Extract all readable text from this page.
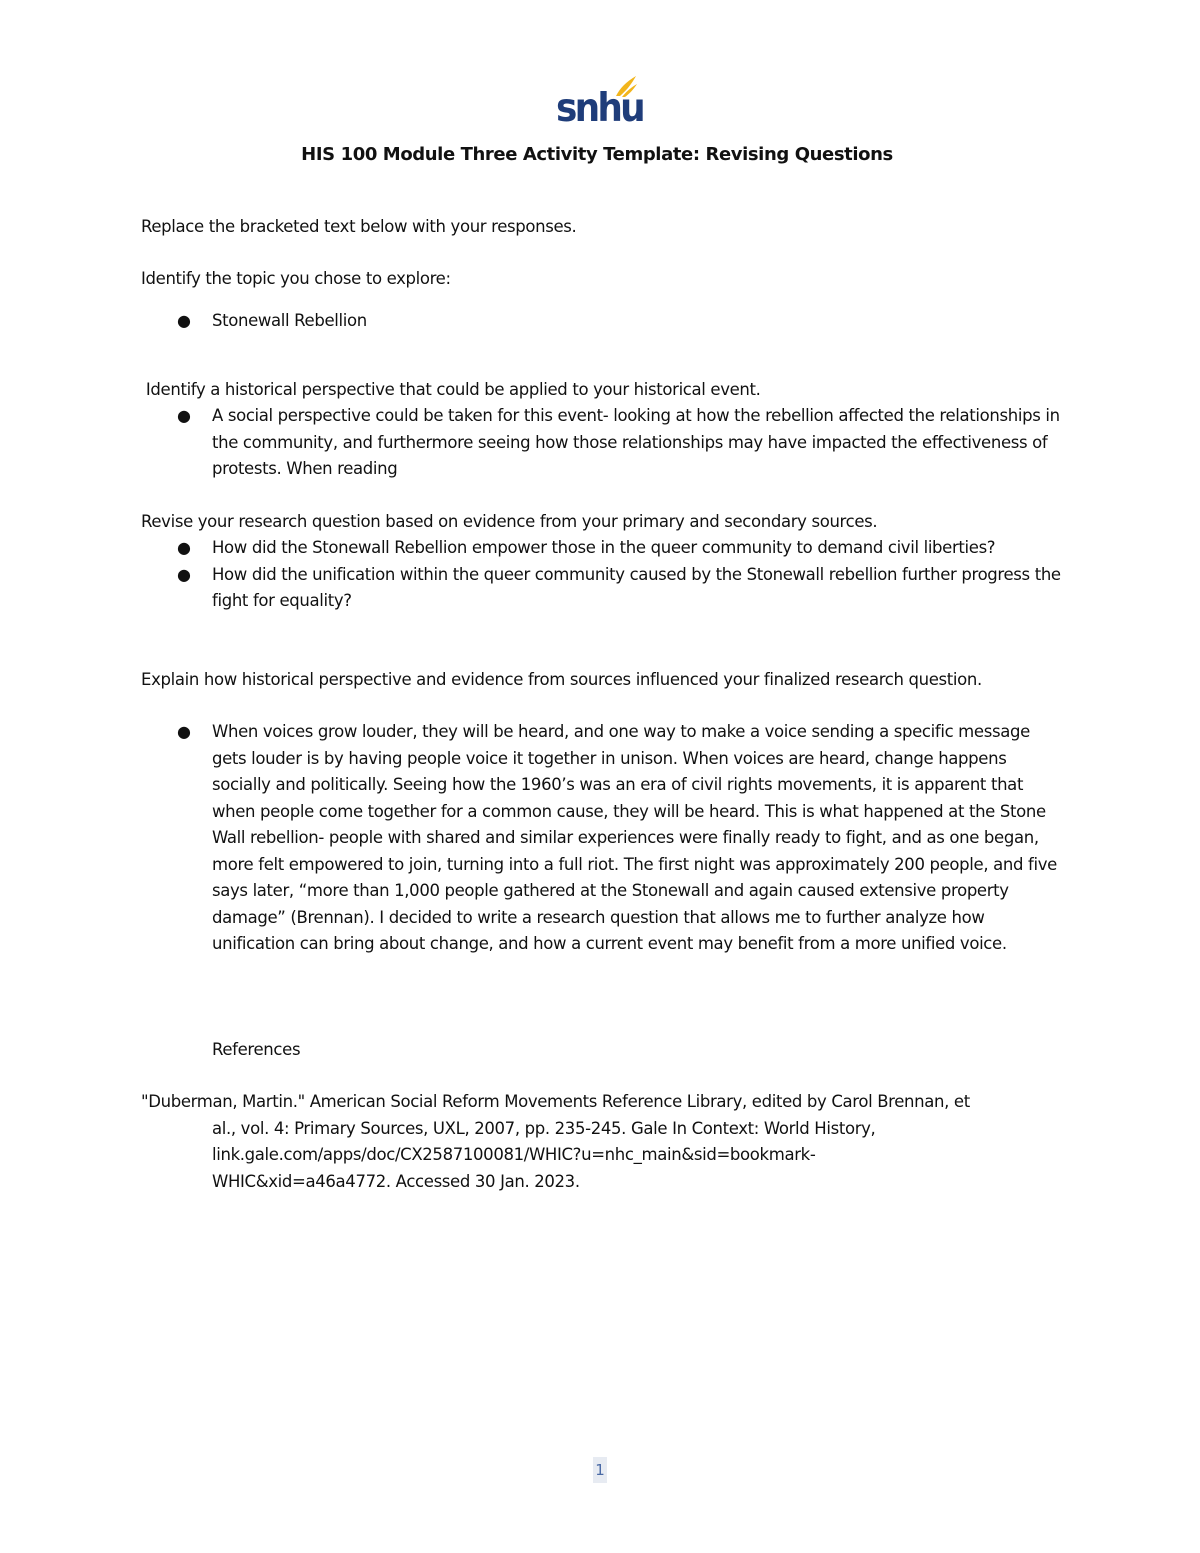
snhu
HIS 100 Module Three Activity Template: Revising Questions
Replace the bracketed text below with your responses.
Identify the topic you chose to explore:
● Stonewall Rebellion
Identify a historical perspective that could be applied to your historical event.
● A social perspective could be taken for this event- looking at how the rebellion affected the relationships in the community, and furthermore seeing how those relationships may have impacted the effectiveness of protests. When reading
Revise your research question based on evidence from your primary and secondary sources.
● How did the Stonewall Rebellion empower those in the queer community to demand civil liberties?
● How did the unification within the queer community caused by the Stonewall rebellion further progress the fight for equality?
Explain how historical perspective and evidence from sources influenced your finalized research question.
● When voices grow louder, they will be heard, and one way to make a voice sending a specific message gets louder is by having people voice it together in unison. When voices are heard, change happens socially and politically. Seeing how the 1960’s was an era of civil rights movements, it is apparent that when people come together for a common cause, they will be heard. This is what happened at the Stone Wall rebellion- people with shared and similar experiences were finally ready to fight, and as one began, more felt empowered to join, turning into a full riot. The first night was approximately 200 people, and five says later, “more than 1,000 people gathered at the Stonewall and again caused extensive property damage” (Brennan). I decided to write a research question that allows me to further analyze how unification can bring about change, and how a current event may benefit from a more unified voice.
References
"Duberman, Martin." American Social Reform Movements Reference Library, edited by Carol Brennan, et
al., vol. 4: Primary Sources, UXL, 2007, pp. 235-245. Gale In Context: World History,
link.gale.com/apps/doc/CX2587100081/WHIC?u=nhc_main&sid=bookmark-
WHIC&xid=a46a4772. Accessed 30 Jan. 2023.
1
